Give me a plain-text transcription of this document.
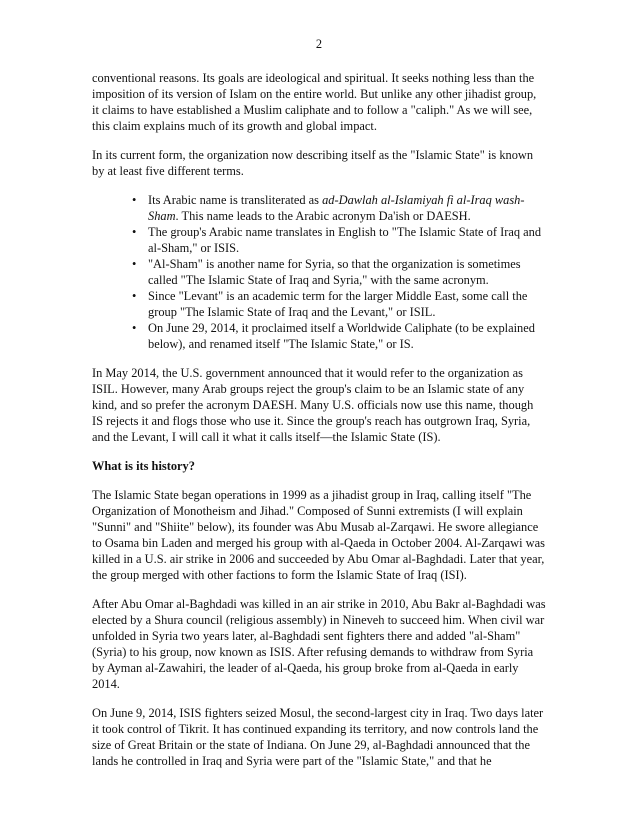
2

conventional reasons. Its goals are ideological and spiritual. It seeks nothing less than the imposition of its version of Islam on the entire world. But unlike any other jihadist group, it claims to have established a Muslim caliphate and to follow a "caliph." As we will see, this claim explains much of its growth and global impact.

In its current form, the organization now describing itself as the "Islamic State" is known by at least five different terms.

• Its Arabic name is transliterated as ad-Dawlah al-Islamiyah fi al-Iraq wash-Sham. This name leads to the Arabic acronym Da'ish or DAESH.
• The group's Arabic name translates in English to "The Islamic State of Iraq and al-Sham," or ISIS.
• "Al-Sham" is another name for Syria, so that the organization is sometimes called "The Islamic State of Iraq and Syria," with the same acronym.
• Since "Levant" is an academic term for the larger Middle East, some call the group "The Islamic State of Iraq and the Levant," or ISIL.
• On June 29, 2014, it proclaimed itself a Worldwide Caliphate (to be explained below), and renamed itself "The Islamic State," or IS.

In May 2014, the U.S. government announced that it would refer to the organization as ISIL. However, many Arab groups reject the group's claim to be an Islamic state of any kind, and so prefer the acronym DAESH. Many U.S. officials now use this name, though IS rejects it and flogs those who use it. Since the group's reach has outgrown Iraq, Syria, and the Levant, I will call it what it calls itself—the Islamic State (IS).

What is its history?

The Islamic State began operations in 1999 as a jihadist group in Iraq, calling itself "The Organization of Monotheism and Jihad." Composed of Sunni extremists (I will explain "Sunni" and "Shiite" below), its founder was Abu Musab al-Zarqawi. He swore allegiance to Osama bin Laden and merged his group with al-Qaeda in October 2004. Al-Zarqawi was killed in a U.S. air strike in 2006 and succeeded by Abu Omar al-Baghdadi. Later that year, the group merged with other factions to form the Islamic State of Iraq (ISI).

After Abu Omar al-Baghdadi was killed in an air strike in 2010, Abu Bakr al-Baghdadi was elected by a Shura council (religious assembly) in Nineveh to succeed him. When civil war unfolded in Syria two years later, al-Baghdadi sent fighters there and added "al-Sham" (Syria) to his group, now known as ISIS. After refusing demands to withdraw from Syria by Ayman al-Zawahiri, the leader of al-Qaeda, his group broke from al-Qaeda in early 2014.

On June 9, 2014, ISIS fighters seized Mosul, the second-largest city in Iraq. Two days later it took control of Tikrit. It has continued expanding its territory, and now controls land the size of Great Britain or the state of Indiana. On June 29, al-Baghdadi announced that the lands he controlled in Iraq and Syria were part of the "Islamic State," and that he
